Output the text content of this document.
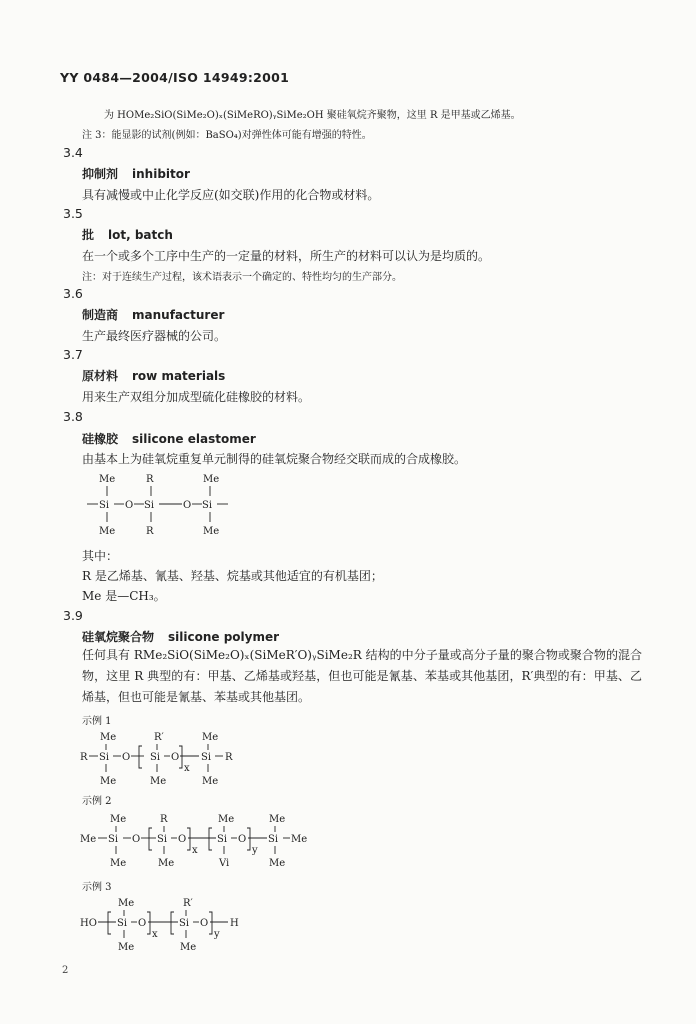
YY 0484—2004/ISO 14949:2001
为 HOMe₂SiO(SiMe₂O)ₓ(SiMeRO)ᵧSiMe₂OH 聚硅氧烷齐聚物，这里 R 是甲基或乙烯基。
注 3：能显影的试剂(例如：BaSO₄)对弹性体可能有增强的特性。
3.4
抑制剂 inhibitor
具有减慢或中止化学反应(如交联)作用的化合物或材料。
3.5
批 lot, batch
在一个或多个工序中生产的一定量的材料，所生产的材料可以认为是均质的。
注：对于连续生产过程，该术语表示一个确定的、特性均匀的生产部分。
3.6
制造商 manufacturer
生产最终医疗器械的公司。
3.7
原材料 row materials
用来生产双组分加成型硫化硅橡胶的材料。
3.8
硅橡胶 silicone elastomer
由基本上为硅氧烷重复单元制得的硅氧烷聚合物经交联而成的合成橡胶。
Me	R	Me
Si O Si	O Si
Me	R	Me
其中：
R 是乙烯基、氰基、羟基、烷基或其他适宜的有机基团；
Me 是—CH₃。
3.9
硅氧烷聚合物 silicone polymer
任何具有 RMe₂SiO(SiMe₂O)ₓ(SiMeR′O)ᵧSiMe₂R 结构的中分子量或高分子量的聚合物或聚合物的混合物，这里 R 典型的有：甲基、乙烯基或羟基，但也可能是氰基、苯基或其他基团，R′典型的有：甲基、乙烯基，但也可能是氰基、苯基或其他基团。
示例 1
Me	R′	Me
R Si O Si O
x
Si R
Me	Me	Me
示例 2
Me	R	Me	Me
Me Si O Si O
x
Si O
y
Si Me
Me	Me	Vi	Me
示例 3
Me	R′
HO Si O
x
Si O
y
H
Me	Me
2
